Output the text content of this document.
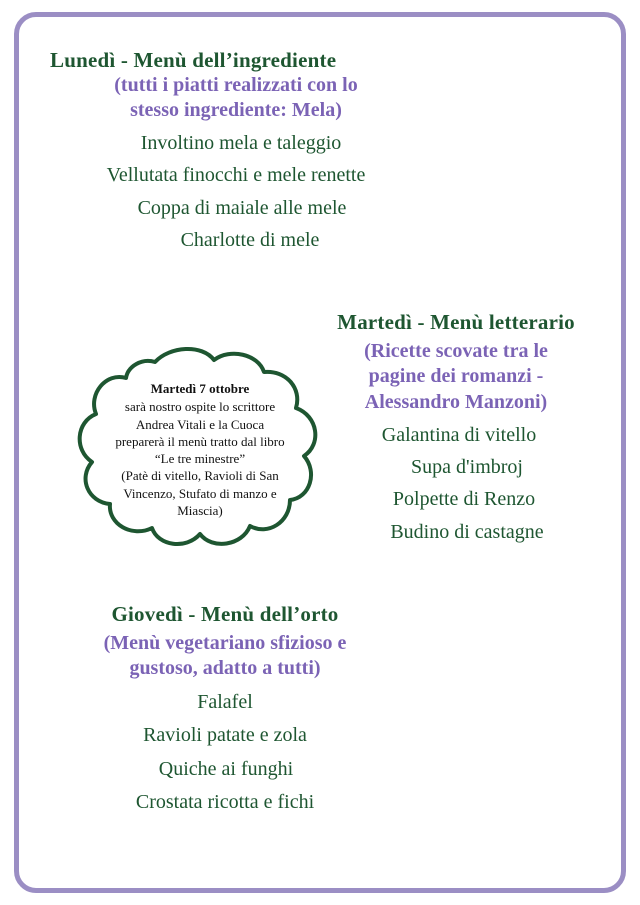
Lunedì - Menù dell’ingrediente
(tutti i piatti realizzati con lo
stesso ingrediente: Mela)
Involtino mela e taleggio
Vellutata finocchi e mele renette
Coppa di maiale alle mele
Charlotte di mele
Martedì - Menù letterario
(Ricette scovate tra le
pagine dei romanzi -
Alessandro Manzoni)
Galantina di vitello
Supa d'imbroj
Polpette di Renzo
Budino di castagne
Martedì 7 ottobre
sarà nostro ospite lo scrittore
Andrea Vitali e la Cuoca
preparerà il menù tratto dal libro
“Le tre minestre”
(Patè di vitello, Ravioli di San
Vincenzo, Stufato di manzo e
Miascia)
Giovedì - Menù dell’orto
(Menù vegetariano sfizioso e
gustoso, adatto a tutti)
Falafel
Ravioli patate e zola
Quiche ai funghi
Crostata ricotta e fichi
